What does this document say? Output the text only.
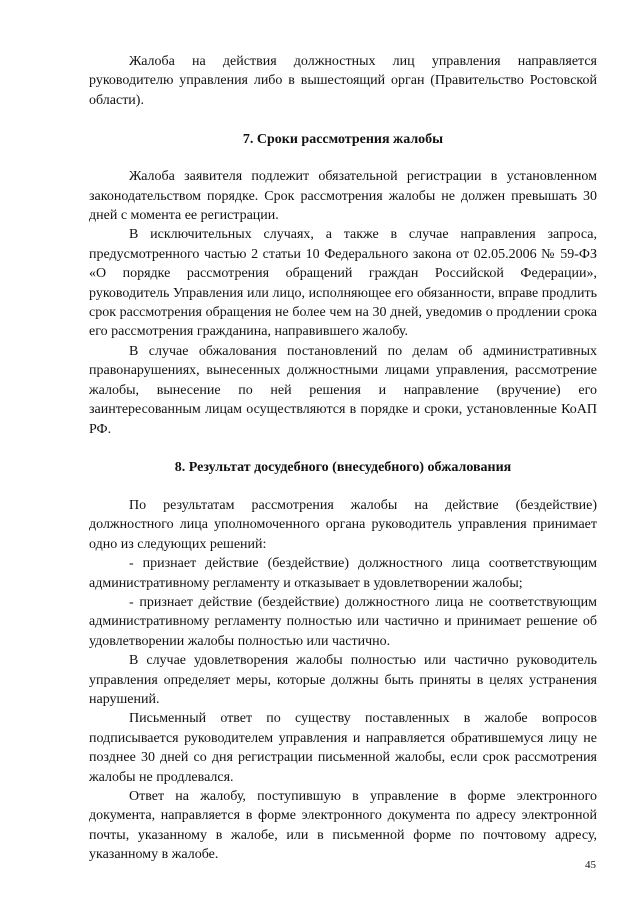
Жалоба на действия должностных лиц управления направляется руководителю управления либо в вышестоящий орган (Правительство Ростовской области).

7. Сроки рассмотрения жалобы

Жалоба заявителя подлежит обязательной регистрации в установленном законодательством порядке. Срок рассмотрения жалобы не должен превышать 30 дней с момента ее регистрации.

В исключительных случаях, а также в случае направления запроса, предусмотренного частью 2 статьи 10 Федерального закона от 02.05.2006 № 59-ФЗ «О порядке рассмотрения обращений граждан Российской Федерации», руководитель Управления или лицо, исполняющее его обязанности, вправе продлить срок рассмотрения обращения не более чем на 30 дней, уведомив о продлении срока его рассмотрения гражданина, направившего жалобу.

В случае обжалования постановлений по делам об административных правонарушениях, вынесенных должностными лицами управления, рассмотрение жалобы, вынесение по ней решения и направление (вручение) его заинтересованным лицам осуществляются в порядке и сроки, установленные КоАП РФ.

8. Результат досудебного (внесудебного) обжалования

По результатам рассмотрения жалобы на действие (бездействие) должностного лица уполномоченного органа руководитель управления принимает одно из следующих решений:

- признает действие (бездействие) должностного лица соответствующим административному регламенту и отказывает в удовлетворении жалобы;

- признает действие (бездействие) должностного лица не соответствующим административному регламенту полностью или частично и принимает решение об удовлетворении жалобы полностью или частично.

В случае удовлетворения жалобы полностью или частично руководитель управления определяет меры, которые должны быть приняты в целях устранения нарушений.

Письменный ответ по существу поставленных в жалобе вопросов подписывается руководителем управления и направляется обратившемуся лицу не позднее 30 дней со дня регистрации письменной жалобы, если срок рассмотрения жалобы не продлевался.

Ответ на жалобу, поступившую в управление в форме электронного документа, направляется в форме электронного документа по адресу электронной почты, указанному в жалобе, или в письменной форме по почтовому адресу, указанному в жалобе.

45
